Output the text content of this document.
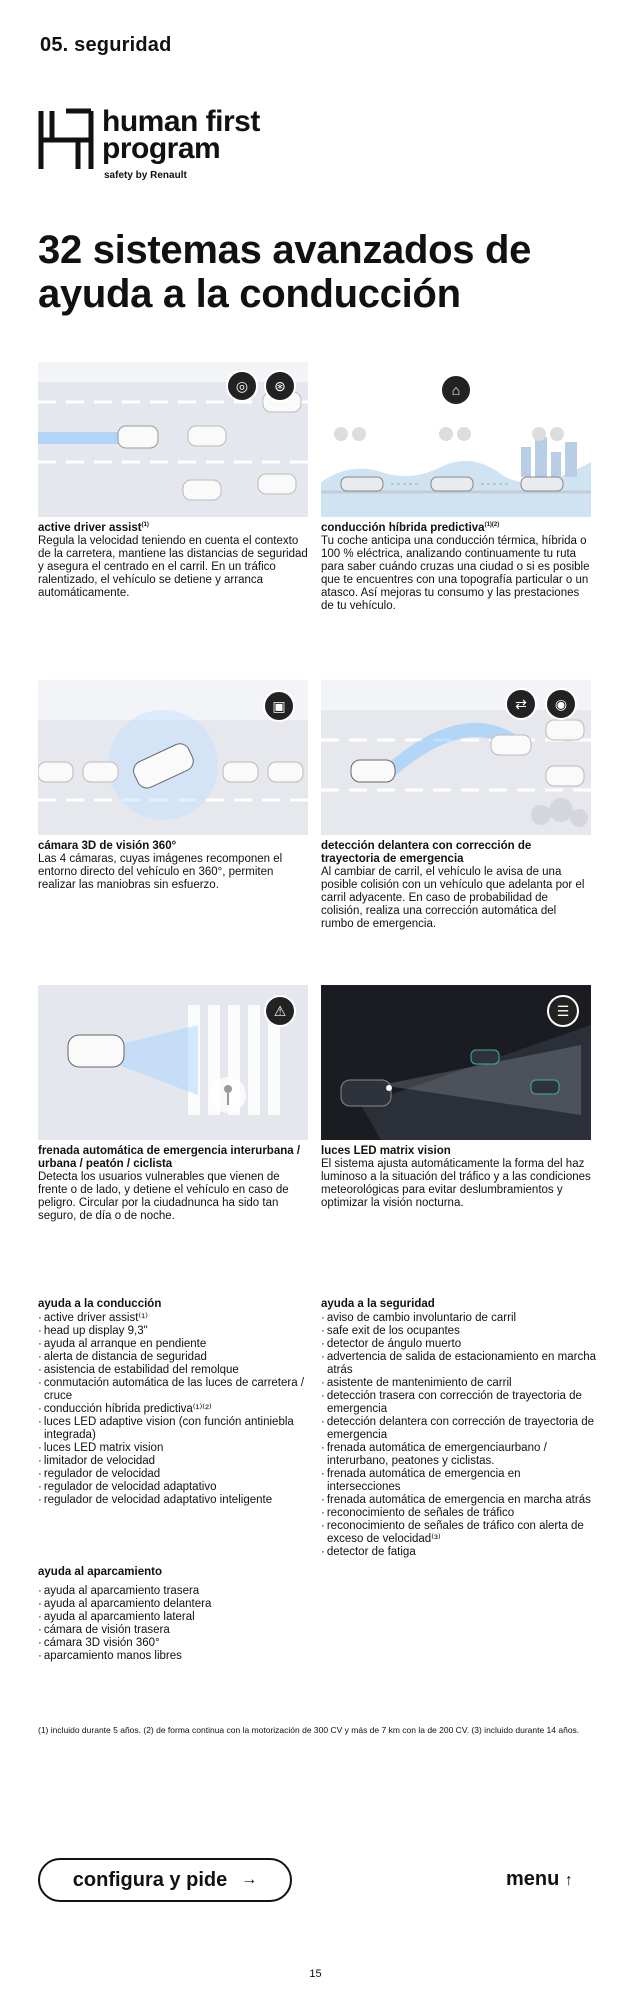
05. seguridad
human first
program
safety by Renault
32 sistemas avanzados de ayuda a la conducción
◎	⊛
active driver assist$^{(1)}$
Regula la velocidad teniendo en cuenta el contexto de la carretera, mantiene las distancias de seguridad y asegura el centrado en el carril. En un tráfico ralentizado, el vehículo se detiene y arranca automáticamente.
⌂
conducción híbrida predictiva$^{(1)(2)}$
Tu coche anticipa una conducción térmica, híbrida o 100 % eléctrica, analizando continuamente tu ruta para saber cuándo cruzas una ciudad o si es posible que te encuentres con una topografía particular o un atasco. Así mejoras tu consumo y las prestaciones de tu vehículo.
▣
cámara 3D de visión 360°
Las 4 cámaras, cuyas imágenes recomponen el entorno directo del vehículo en 360°, permiten realizar las maniobras sin esfuerzo.
⇄	◉
detección delantera con corrección de trayectoria de emergencia
Al cambiar de carril, el vehículo le avisa de una posible colisión con un vehículo que adelanta por el carril adyacente. En caso de probabilidad de colisión, realiza una corrección automática del rumbo de emergencia.
⚠
frenada automática de emergencia interurbana / urbana / peatón / ciclista
Detecta los usuarios vulnerables que vienen de frente o de lado, y detiene el vehículo en caso de peligro. Circular por la ciudadnunca ha sido tan seguro, de día o de noche.
☰
luces LED matrix vision
El sistema ajusta automáticamente la forma del haz luminoso a la situación del tráfico y a las condiciones meteorológicas para evitar deslumbramientos y optimizar la visión nocturna.
ayuda a la conducción
· active driver assist⁽¹⁾
· head up display 9,3"
· ayuda al arranque en pendiente
· alerta de distancia de seguridad
· asistencia de estabilidad del remolque
· conmutación automática de las luces de carretera / cruce
· conducción híbrida predictiva⁽¹⁾⁽²⁾
· luces LED adaptive vision (con función antiniebla integrada)
· luces LED matrix vision
· limitador de velocidad
· regulador de velocidad
· regulador de velocidad adaptativo
· regulador de velocidad adaptativo inteligente
ayuda al aparcamiento
· ayuda al aparcamiento trasera
· ayuda al aparcamiento delantera
· ayuda al aparcamiento lateral
· cámara de visión trasera
· cámara 3D visión 360°
· aparcamiento manos libres
ayuda a la seguridad
· aviso de cambio involuntario de carril
· safe exit de los ocupantes
· detector de ángulo muerto
· advertencia de salida de estacionamiento en marcha atrás
· asistente de mantenimiento de carril
· detección trasera con corrección de trayectoria de emergencia
· detección delantera con corrección de trayectoria de emergencia
· frenada automática de emergenciaurbano / interurbano, peatones y ciclistas.
· frenada automática de emergencia en intersecciones
· frenada automática de emergencia en marcha atrás
· reconocimiento de señales de tráfico
· reconocimiento de señales de tráfico con alerta de exceso de velocidad⁽³⁾
· detector de fatiga
(1) incluido durante 5 años. (2) de forma continua con la motorización de 300 CV y más de 7 km con la de 200 CV. (3) incluido durante 14 años.
configura y pide →	menu ↑
15
